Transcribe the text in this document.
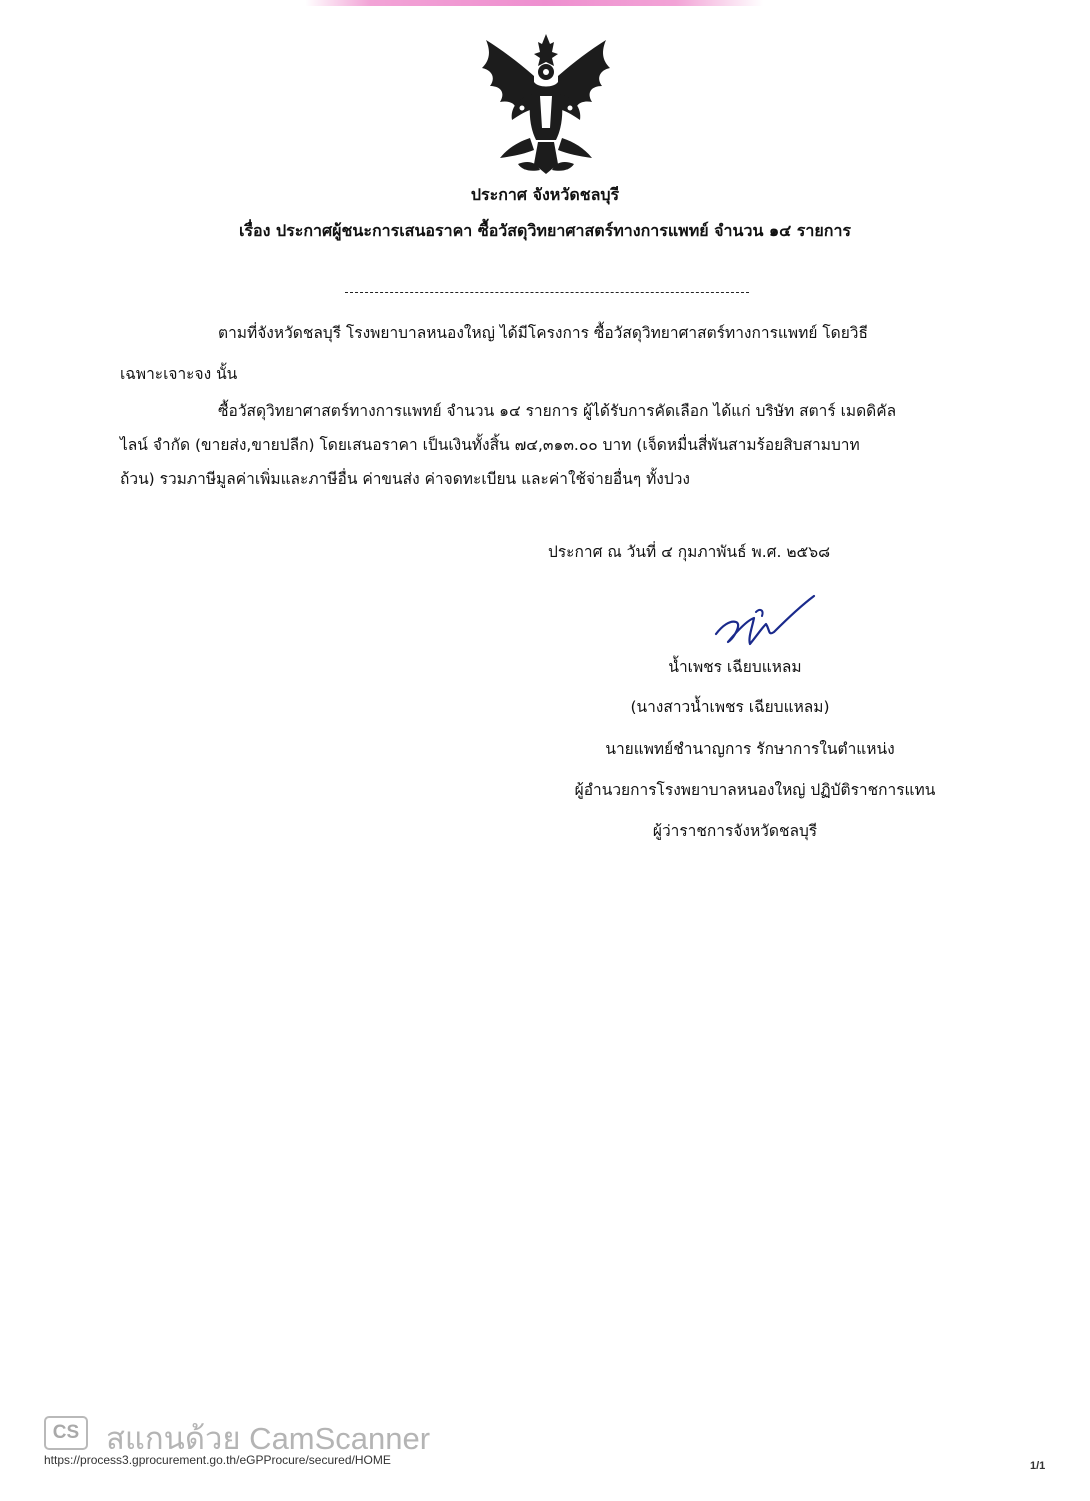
ประกาศ จังหวัดชลบุรี
เรื่อง ประกาศผู้ชนะการเสนอราคา ซื้อวัสดุวิทยาศาสตร์ทางการแพทย์ จำนวน ๑๔ รายการ
ตามที่จังหวัดชลบุรี โรงพยาบาลหนองใหญ่ ได้มีโครงการ ซื้อวัสดุวิทยาศาสตร์ทางการแพทย์ โดยวิธี
เฉพาะเจาะจง นั้น
ซื้อวัสดุวิทยาศาสตร์ทางการแพทย์ จำนวน ๑๔ รายการ ผู้ได้รับการคัดเลือก ได้แก่ บริษัท สตาร์ เมดดิคัล
ไลน์ จำกัด (ขายส่ง,ขายปลีก) โดยเสนอราคา เป็นเงินทั้งสิ้น ๗๔,๓๑๓.๐๐ บาท (เจ็ดหมื่นสี่พันสามร้อยสิบสามบาท
ถ้วน) รวมภาษีมูลค่าเพิ่มและภาษีอื่น ค่าขนส่ง ค่าจดทะเบียน และค่าใช้จ่ายอื่นๆ ทั้งปวง
ประกาศ ณ วันที่ ๔ กุมภาพันธ์ พ.ศ. ๒๕๖๘
น้ำเพชร เฉียบแหลม
(นางสาวน้ำเพชร เฉียบแหลม)
นายแพทย์ชำนาญการ รักษาการในตำแหน่ง
ผู้อำนวยการโรงพยาบาลหนองใหญ่ ปฏิบัติราชการแทน
ผู้ว่าราชการจังหวัดชลบุรี
CS สแกนด้วย CamScanner
https://process3.gprocurement.go.th/eGPProcure/secured/HOME	1/1
